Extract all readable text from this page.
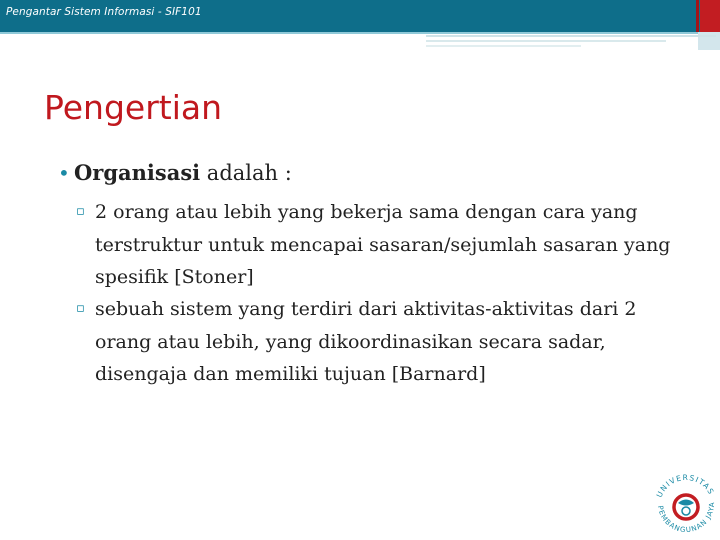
Pengantar Sistem Informasi - SIF101
Pengertian
• Organisasi adalah :
▫ 2 orang atau lebih yang bekerja sama dengan cara yang terstruktur untuk mencapai sasaran/sejumlah sasaran yang spesifik [Stoner]
▫ sebuah sistem yang terdiri dari aktivitas-aktivitas dari 2 orang atau lebih, yang dikoordinasikan secara sadar, disengaja dan memiliki tujuan [Barnard]
UNIVERSITAS
PEMBANGUNAN JAYA
